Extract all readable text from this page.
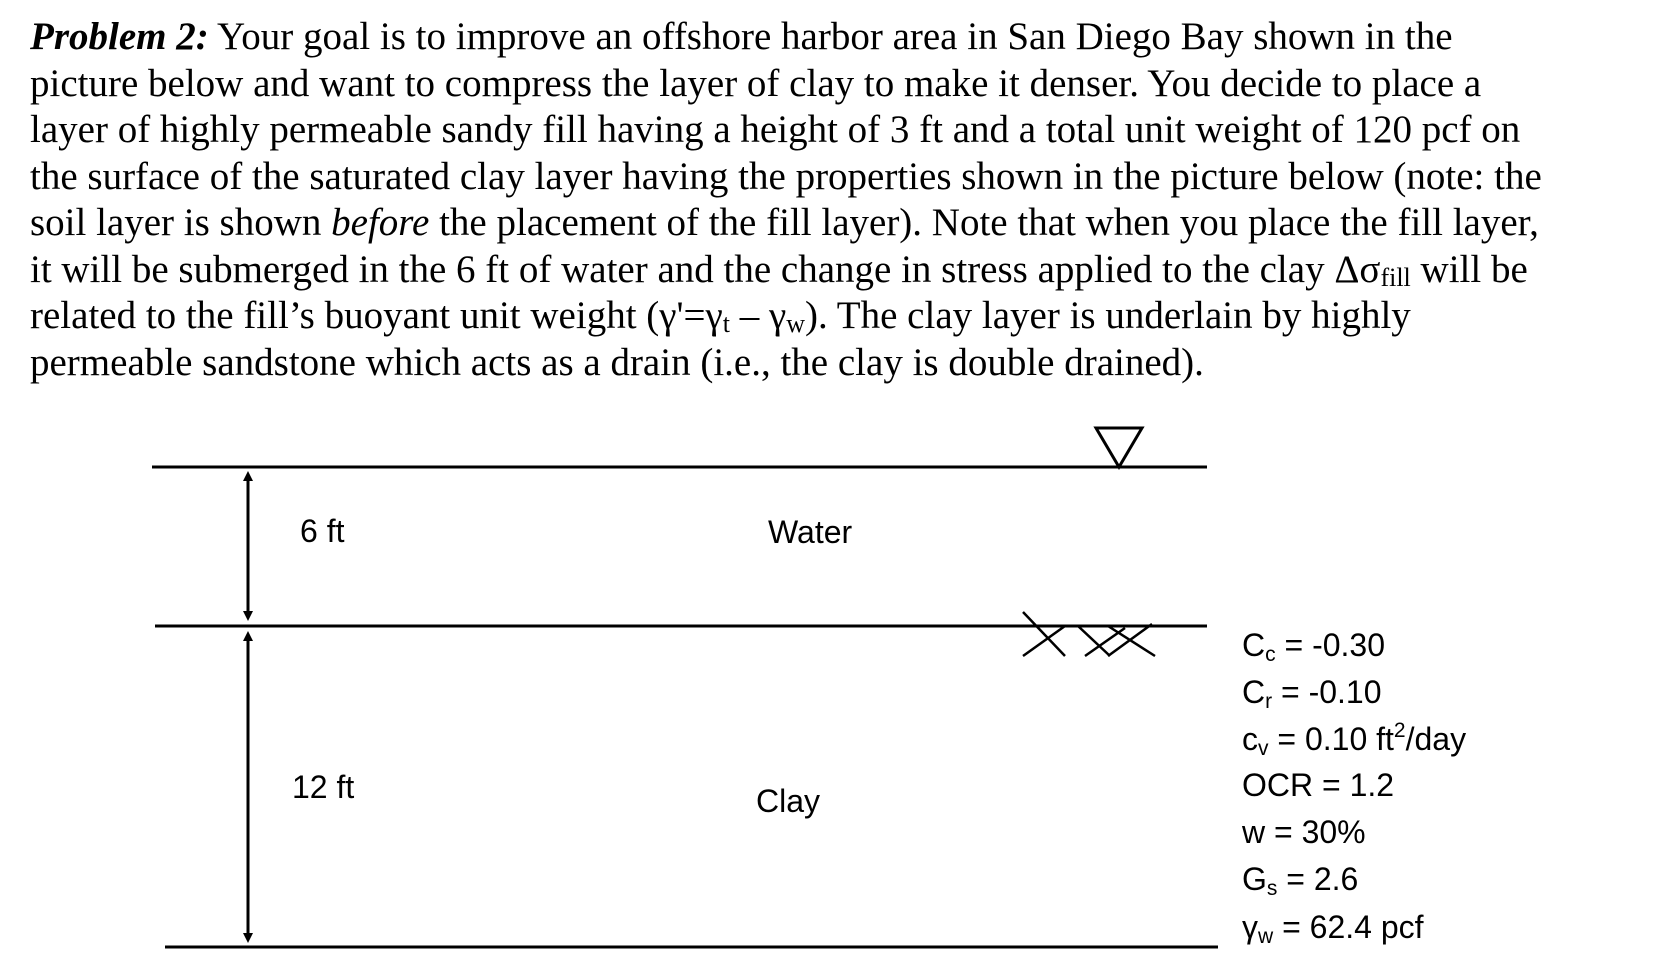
Problem 2: Your goal is to improve an offshore harbor area in San Diego Bay shown in the
picture below and want to compress the layer of clay to make it denser. You decide to place a
layer of highly permeable sandy fill having a height of 3 ft and a total unit weight of 120 pcf on
the surface of the saturated clay layer having the properties shown in the picture below (note: the
soil layer is shown before the placement of the fill layer). Note that when you place the fill layer,
it will be submerged in the 6 ft of water and the change in stress applied to the clay $\Delta\sigma_{fill}$ will be
related to the fill’s buoyant unit weight $(\gamma'=\gamma_t - \gamma_w)$. The clay layer is underlain by highly
permeable sandstone which acts as a drain (i.e., the clay is double drained).
6 ft	Water
12 ft	Clay
Cc = -0.30
Cr = -0.10
cv = 0.10 $ft^2$/day
OCR = 1.2
w = 30%
Gs = 2.6
γw = 62.4 pcf
